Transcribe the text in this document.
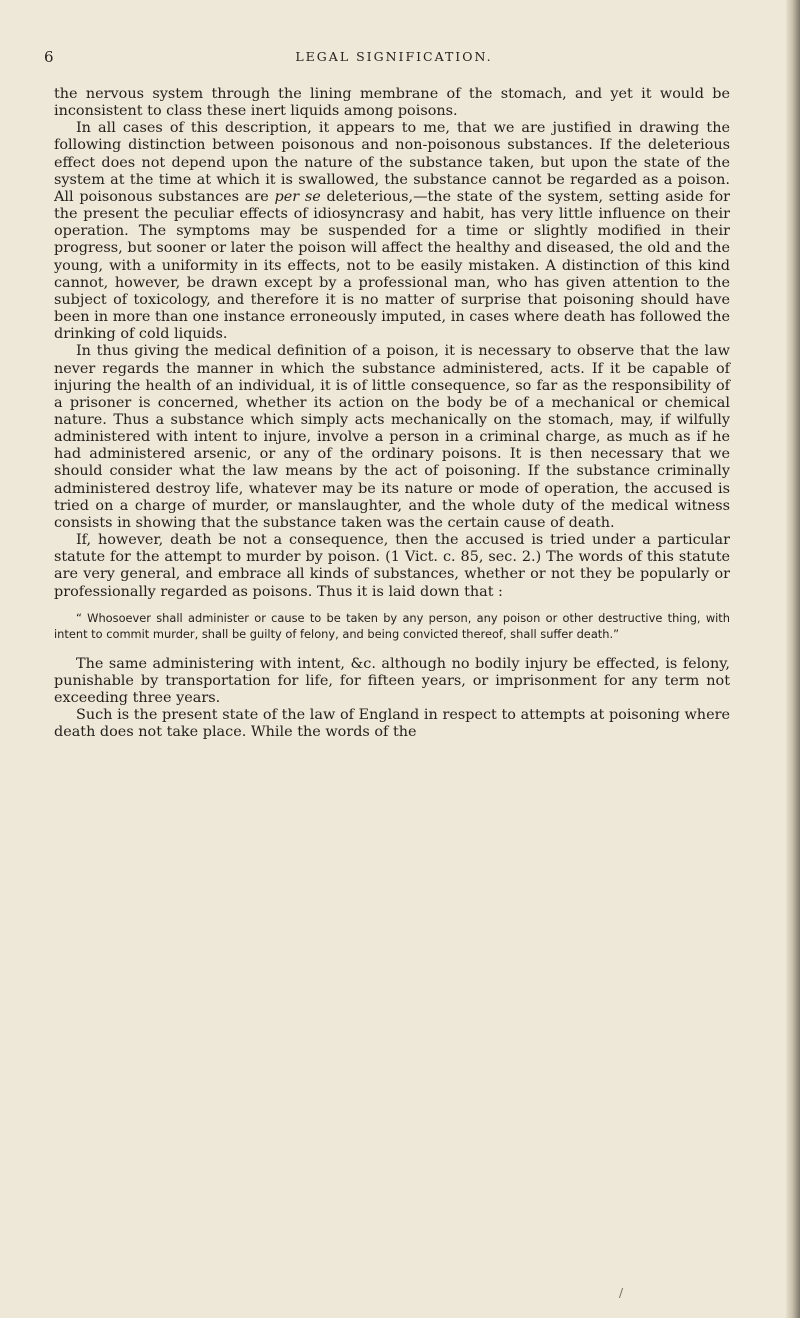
6	LEGAL SIGNIFICATION.

the nervous system through the lining membrane of the stomach, and yet it would be inconsistent to class these inert liquids among poisons.

In all cases of this description, it appears to me, that we are justified in drawing the following distinction between poisonous and non-poisonous substances. If the deleterious effect does not depend upon the nature of the substance taken, but upon the state of the system at the time at which it is swallowed, the substance cannot be regarded as a poison. All poisonous substances are per se deleterious,—the state of the system, setting aside for the present the peculiar effects of idiosyncrasy and habit, has very little influence on their operation. The symptoms may be suspended for a time or slightly modified in their progress, but sooner or later the poison will affect the healthy and diseased, the old and the young, with a uniformity in its effects, not to be easily mistaken. A distinction of this kind cannot, however, be drawn except by a professional man, who has given attention to the subject of toxicology, and therefore it is no matter of surprise that poisoning should have been in more than one instance erroneously imputed, in cases where death has followed the drinking of cold liquids.

In thus giving the medical definition of a poison, it is necessary to observe that the law never regards the manner in which the substance administered, acts. If it be capable of injuring the health of an individual, it is of little consequence, so far as the responsibility of a prisoner is concerned, whether its action on the body be of a mechanical or chemical nature. Thus a substance which simply acts mechanically on the stomach, may, if wilfully administered with intent to injure, involve a person in a criminal charge, as much as if he had administered arsenic, or any of the ordinary poisons. It is then necessary that we should consider what the law means by the act of poisoning. If the substance criminally administered destroy life, whatever may be its nature or mode of operation, the accused is tried on a charge of murder, or manslaughter, and the whole duty of the medical witness consists in showing that the substance taken was the certain cause of death.

If, however, death be not a consequence, then the accused is tried under a particular statute for the attempt to murder by poison. (1 Vict. c. 85, sec. 2.) The words of this statute are very general, and embrace all kinds of substances, whether or not they be popularly or professionally regarded as poisons. Thus it is laid down that :

“ Whosoever shall administer or cause to be taken by any person, any poison or other destructive thing, with intent to commit murder, shall be guilty of felony, and being convicted thereof, shall suffer death.”

The same administering with intent, &c. although no bodily injury be effected, is felony, punishable by transportation for life, for fifteen years, or imprisonment for any term not exceeding three years.

Such is the present state of the law of England in respect to attempts at poisoning where death does not take place. While the words of the

/
